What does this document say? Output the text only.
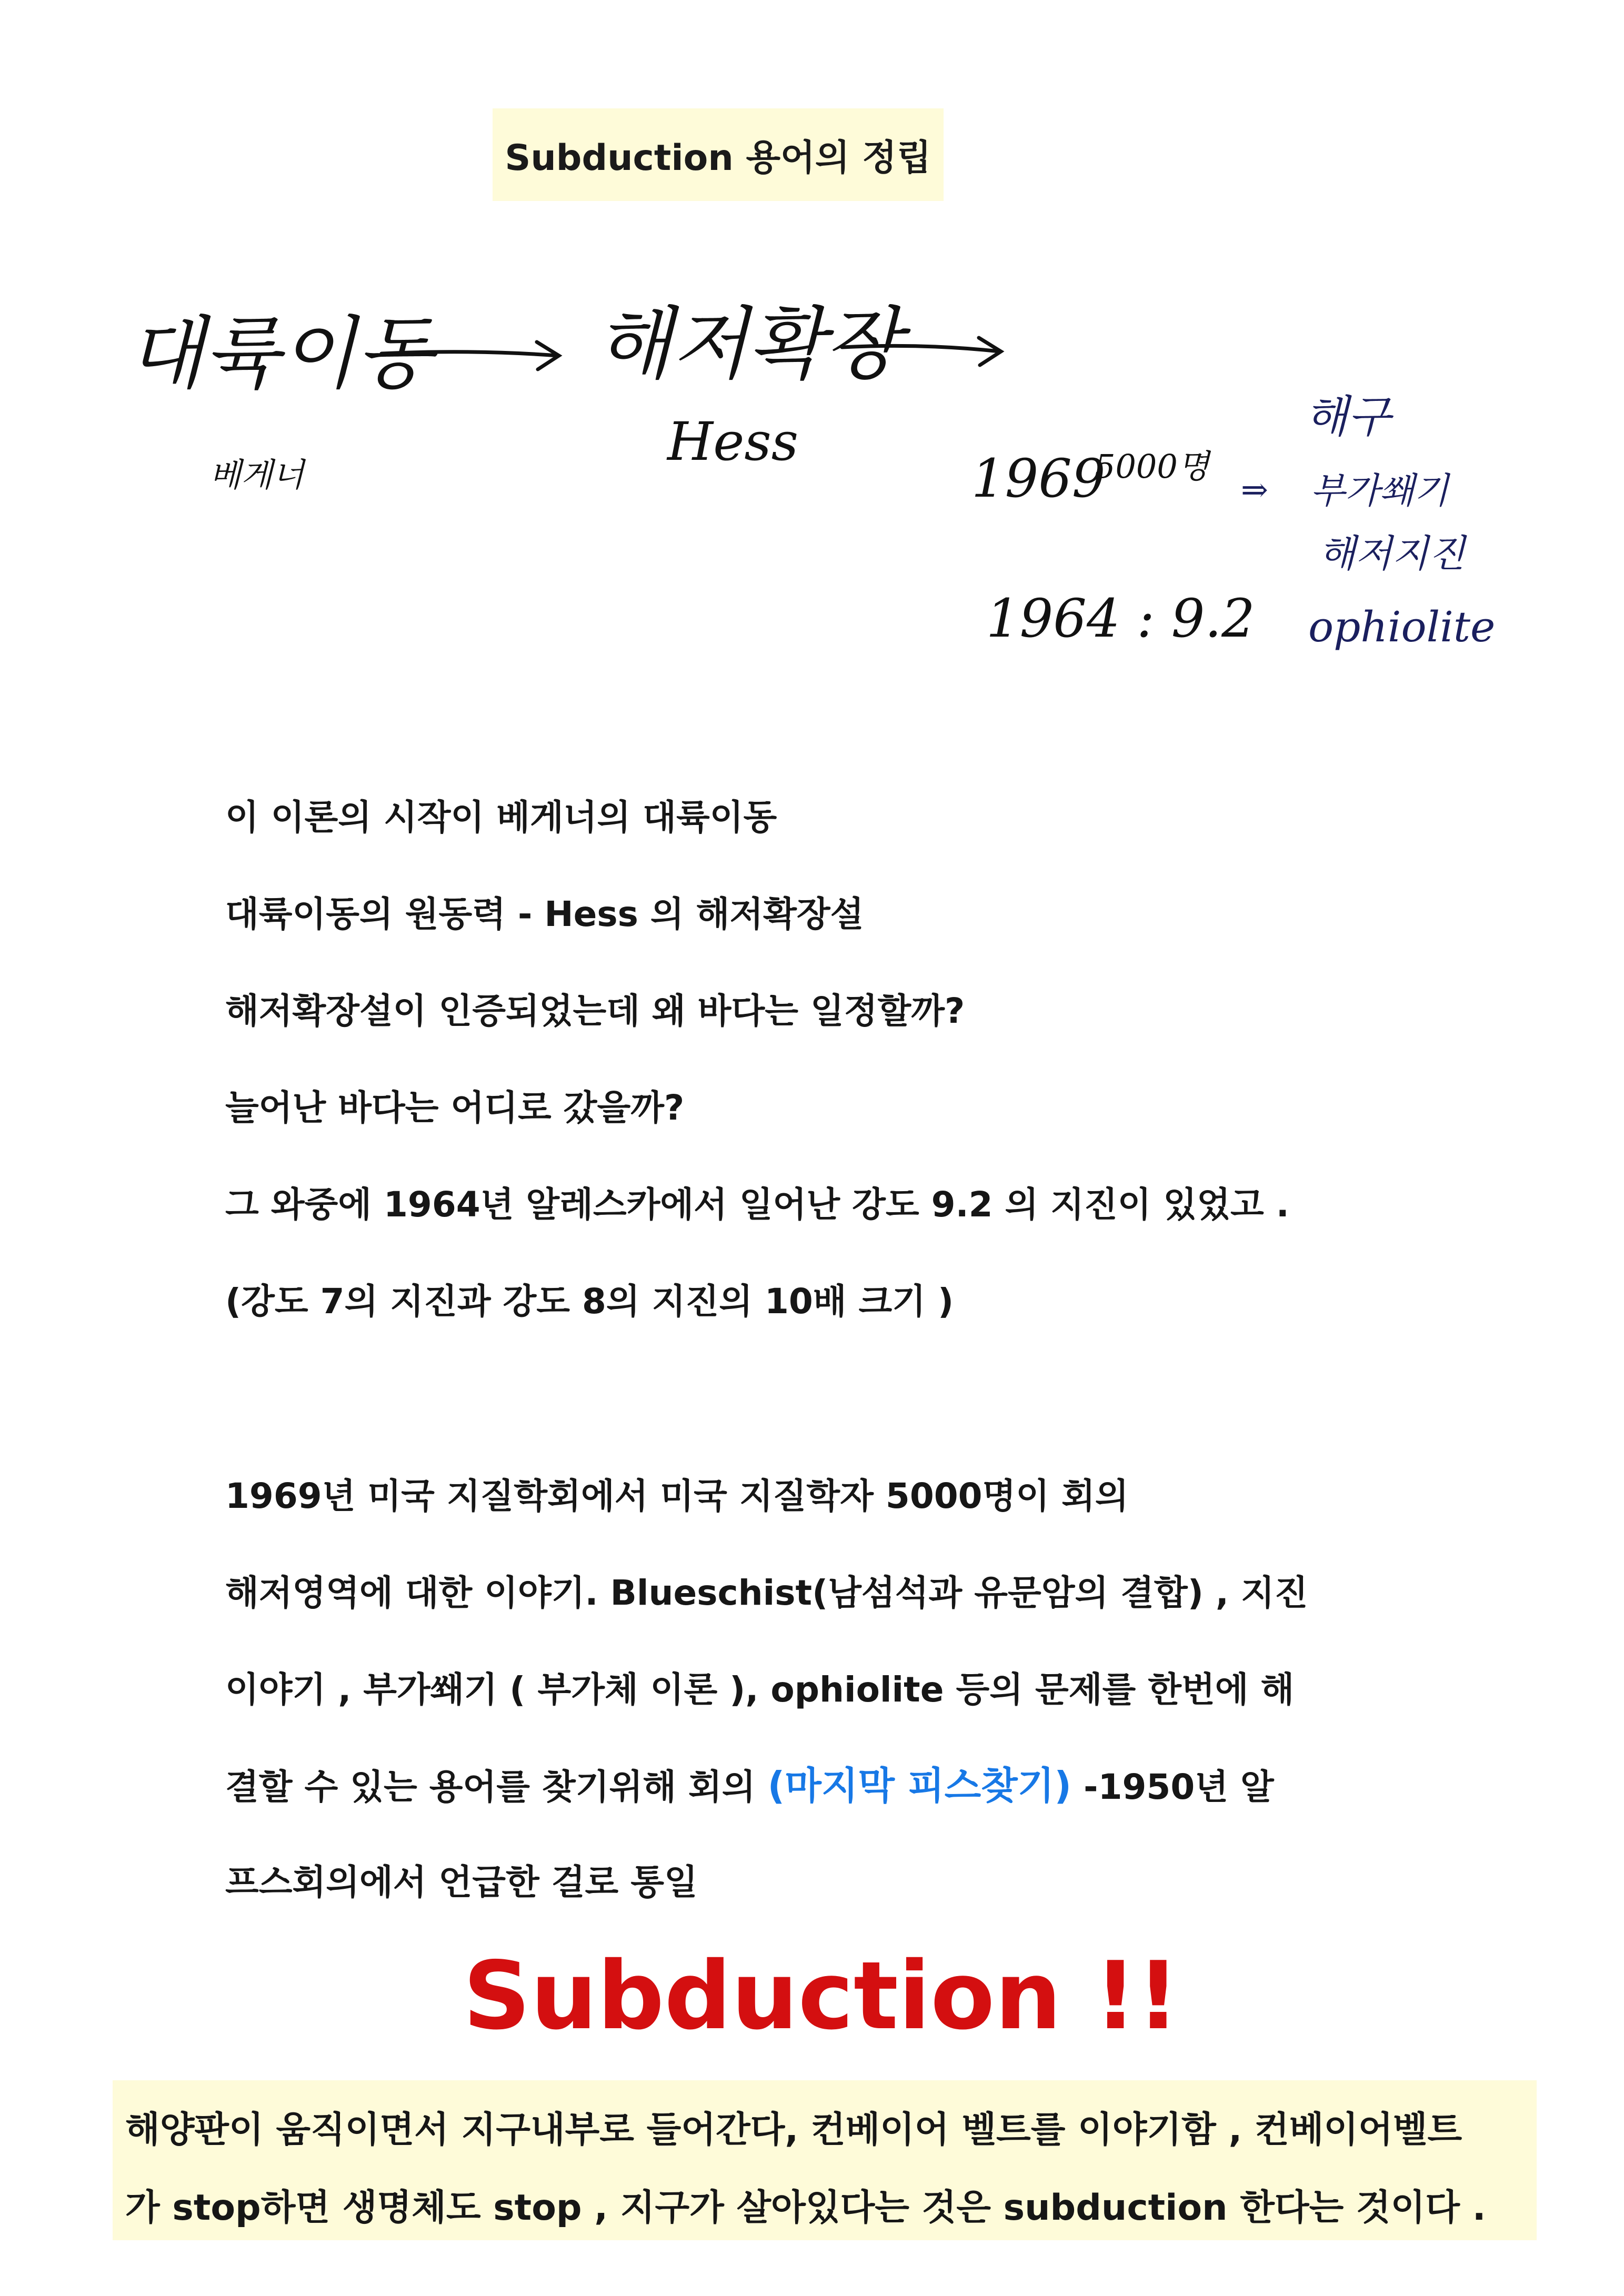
Subduction 용어의 정립
대륙이동
베게너
해저확장
Hess
1969
5000명
⇒
1964 : 9.2
해구
부가쐐기
해저지진
ophiolite
이 이론의 시작이 베게너의 대륙이동
대륙이동의 원동력 - Hess 의 해저확장설
해저확장설이 인증되었는데 왜 바다는 일정할까?
늘어난 바다는 어디로 갔을까?
그 와중에 1964년 알레스카에서 일어난 강도 9.2 의 지진이 있었고 .
(강도 7의 지진과 강도 8의 지진의 10배 크기 )
1969년 미국 지질학회에서 미국 지질학자 5000명이 회의
해저영역에 대한 이야기. Blueschist(남섬석과 유문암의 결합) , 지진
이야기 , 부가쐐기 ( 부가체 이론 ), ophiolite 등의 문제를 한번에 해
결할 수 있는 용어를 찾기위해 회의 (마지막 피스찾기) -1950년 알
프스회의에서 언급한 걸로 통일
Subduction !!
해양판이 움직이면서 지구내부로 들어간다, 컨베이어 벨트를 이야기함 , 컨베이어벨트
가 stop하면 생명체도 stop , 지구가 살아있다는 것은 subduction 한다는 것이다 .
